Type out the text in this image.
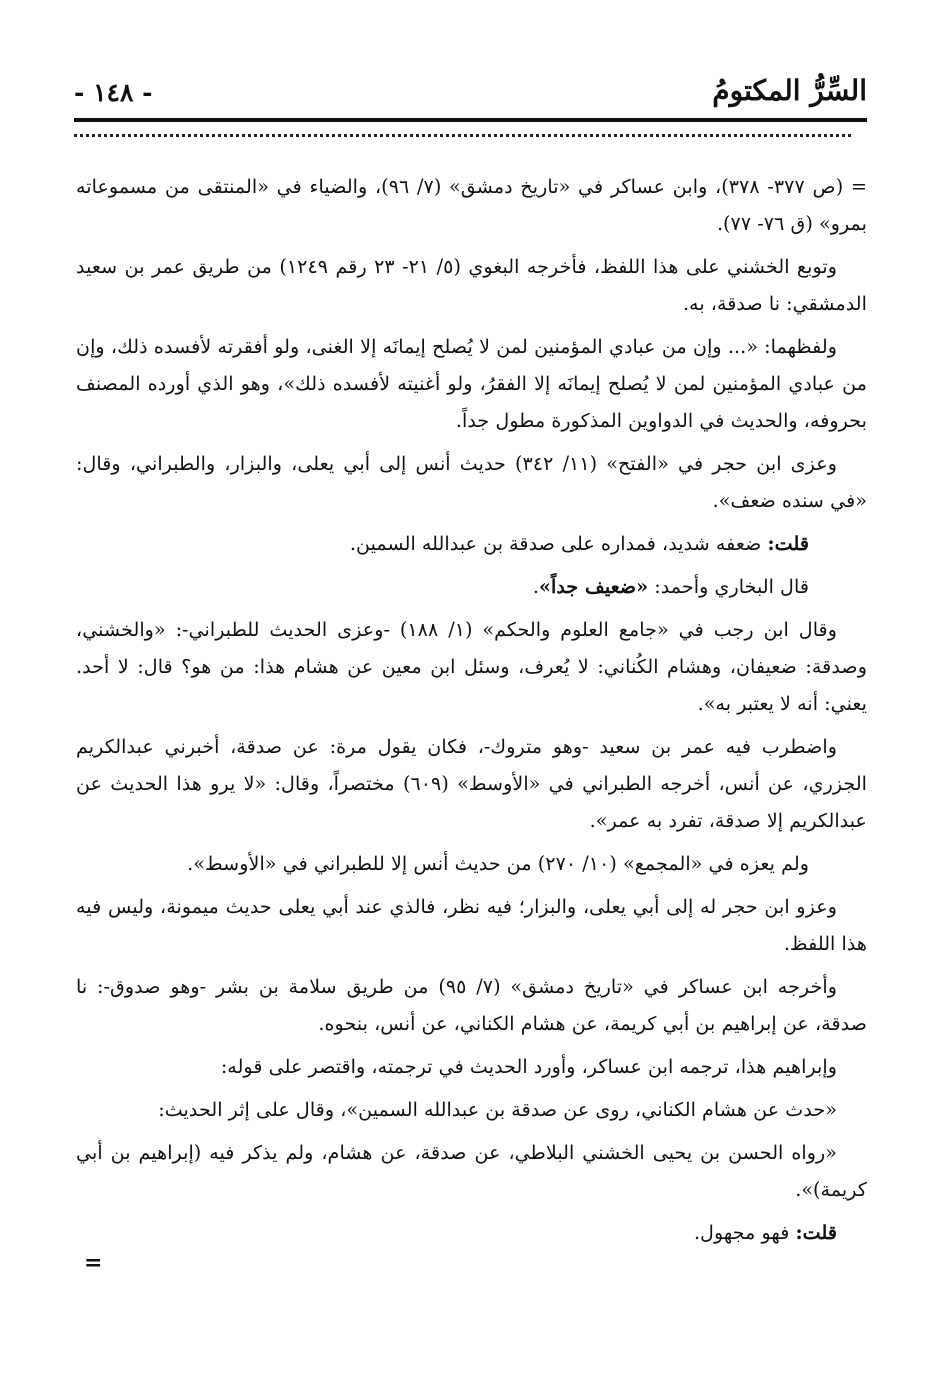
السِّرُّ المكتومُ
- ١٤٨ -

= (ص ٣٧٧- ٣٧٨)، وابن عساكر في «تاريخ دمشق» (٧/ ٩٦)، والضياء في «المنتقى من مسموعاته بمرو» (ق ٧٦- ٧٧).

وتوبع الخشني على هذا اللفظ، فأخرجه البغوي (٥/ ٢١- ٢٣ رقم ١٢٤٩) من طريق عمر بن سعيد الدمشقي: نا صدقة، به.

ولفظهما: «... وإن من عبادي المؤمنين لمن لا يُصلح إيمانَه إلا الغنى، ولو أفقرته لأفسده ذلك، وإن من عبادي المؤمنين لمن لا يُصلح إيمانَه إلا الفقرُ، ولو أغنيته لأفسده ذلك»، وهو الذي أورده المصنف بحروفه، والحديث في الدواوين المذكورة مطول جداً.

وعزى ابن حجر في «الفتح» (١١/ ٣٤٢) حديث أنس إلى أبي يعلى، والبزار، والطبراني، وقال: «في سنده ضعف».

قلت: ضعفه شديد، فمداره على صدقة بن عبدالله السمين.

قال البخاري وأحمد: «ضعيف جداً».

وقال ابن رجب في «جامع العلوم والحكم» (١/ ١٨٨) -وعزى الحديث للطبراني-: «والخشني، وصدقة: ضعيفان، وهشام الكُناني: لا يُعرف، وسئل ابن معين عن هشام هذا: من هو؟ قال: لا أحد. يعني: أنه لا يعتبر به».

واضطرب فيه عمر بن سعيد -وهو متروك-، فكان يقول مرة: عن صدقة، أخبرني عبدالكريم الجزري، عن أنس، أخرجه الطبراني في «الأوسط» (٦٠٩) مختصراً، وقال: «لا يرو هذا الحديث عن عبدالكريم إلا صدقة، تفرد به عمر».

ولم يعزه في «المجمع» (١٠/ ٢٧٠) من حديث أنس إلا للطبراني في «الأوسط».

وعزو ابن حجر له إلى أبي يعلى، والبزار؛ فيه نظر، فالذي عند أبي يعلى حديث ميمونة، وليس فيه هذا اللفظ.

وأخرجه ابن عساكر في «تاريخ دمشق» (٧/ ٩٥) من طريق سلامة بن بشر -وهو صدوق-: نا صدقة، عن إبراهيم بن أبي كريمة، عن هشام الكناني، عن أنس، بنحوه.

وإبراهيم هذا، ترجمه ابن عساكر، وأورد الحديث في ترجمته، واقتصر على قوله:

«حدث عن هشام الكناني، روى عن صدقة بن عبدالله السمين»، وقال على إثر الحديث:

«رواه الحسن بن يحيى الخشني البلاطي، عن صدقة، عن هشام، ولم يذكر فيه (إبراهيم بن أبي كريمة)».

قلت: فهو مجهول.

=
